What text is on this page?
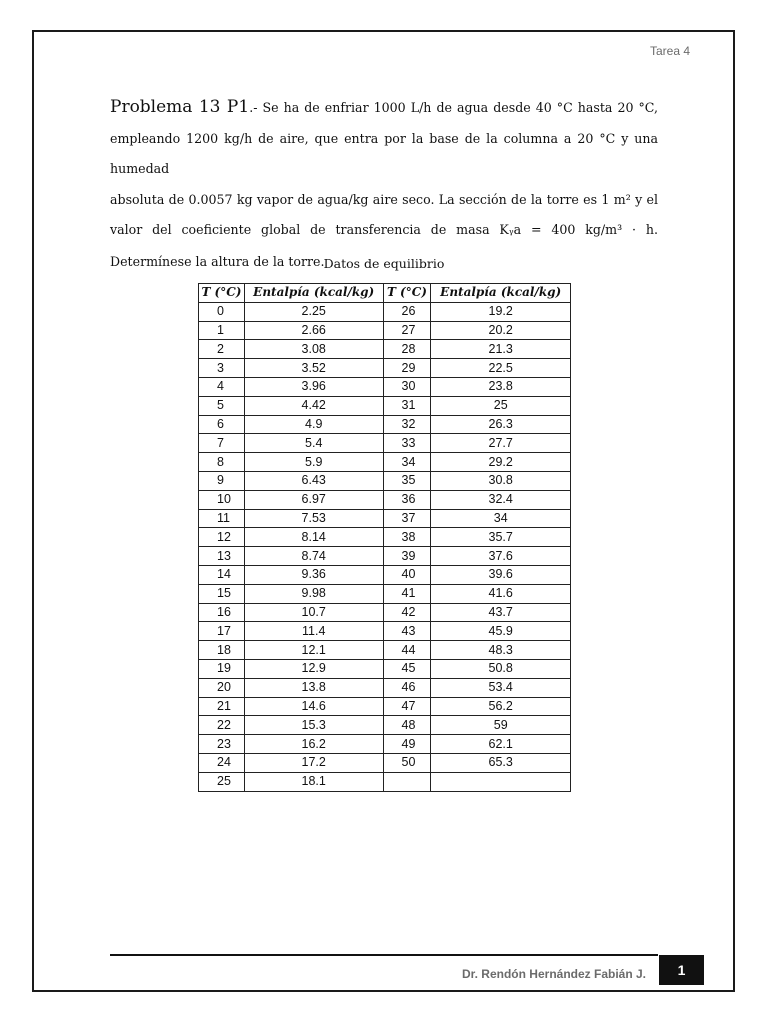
Tarea 4

Problema 13 P1.- Se ha de enfriar 1000 L/h de agua desde 40 °C hasta 20 °C,

empleando 1200 kg/h de aire, que entra por la base de la columna a 20 °C y una humedad

absoluta de 0.0057 kg vapor de agua/kg aire seco. La sección de la torre es 1 m² y el

valor del coeficiente global de transferencia de masa Kᵧa = 400 kg/m³ · h.

Determínese la altura de la torre. Datos de equilibrio
T (°C)	Entalpía (kcal/kg)	T (°C)	Entalpía (kcal/kg)
0	2.25	26	19.2
1	2.66	27	20.2
2	3.08	28	21.3
3	3.52	29	22.5
4	3.96	30	23.8
5	4.42	31	25
6	4.9	32	26.3
7	5.4	33	27.7
8	5.9	34	29.2
9	6.43	35	30.8
10	6.97	36	32.4
11	7.53	37	34
12	8.14	38	35.7
13	8.74	39	37.6
14	9.36	40	39.6
15	9.98	41	41.6
16	10.7	42	43.7
17	11.4	43	45.9
18	12.1	44	48.3
19	12.9	45	50.8
20	13.8	46	53.4
21	14.6	47	56.2
22	15.3	48	59
23	16.2	49	62.1
24	17.2	50	65.3
25	18.1		
Dr. Rendón Hernández Fabián J.	1
